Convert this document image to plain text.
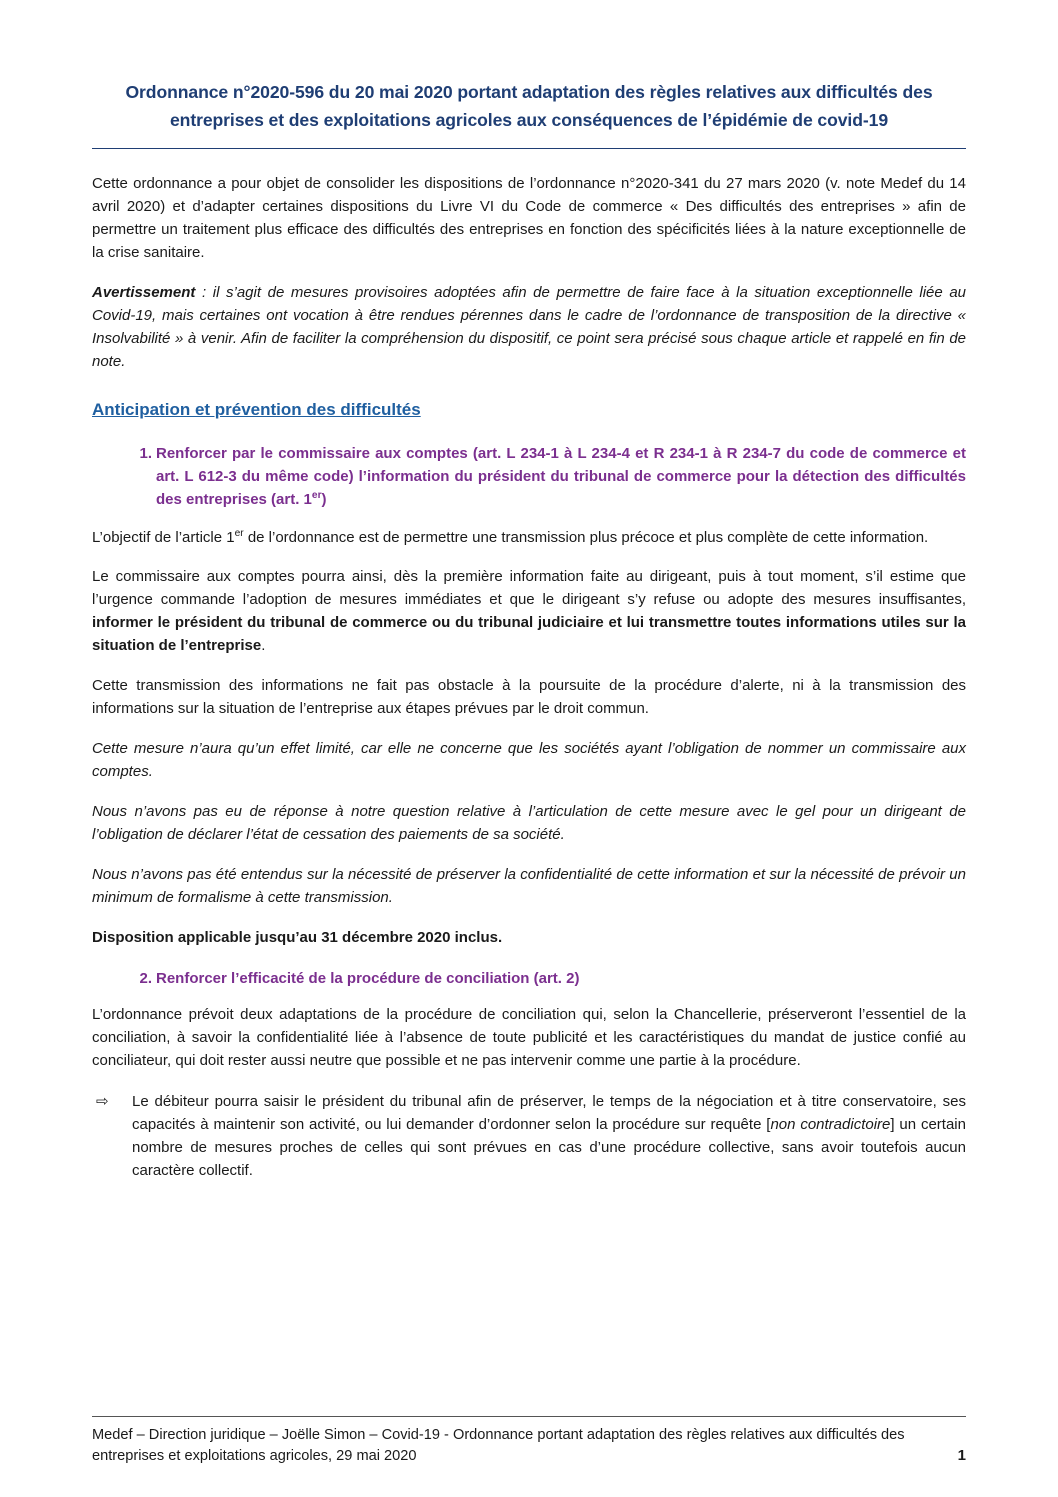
Ordonnance n°2020-596 du 20 mai 2020 portant adaptation des règles relatives aux difficultés des entreprises et des exploitations agricoles aux conséquences de l’épidémie de covid-19

Cette ordonnance a pour objet de consolider les dispositions de l’ordonnance n°2020-341 du 27 mars 2020 (v. note Medef du 14 avril 2020) et d’adapter certaines dispositions du Livre VI du Code de commerce « Des difficultés des entreprises » afin de permettre un traitement plus efficace des difficultés des entreprises en fonction des spécificités liées à la nature exceptionnelle de la crise sanitaire.

Avertissement : il s’agit de mesures provisoires adoptées afin de permettre de faire face à la situation exceptionnelle liée au Covid-19, mais certaines ont vocation à être rendues pérennes dans le cadre de l’ordonnance de transposition de la directive « Insolvabilité » à venir. Afin de faciliter la compréhension du dispositif, ce point sera précisé sous chaque article et rappelé en fin de note.

Anticipation et prévention des difficultés
1. Renforcer par le commissaire aux comptes (art. L 234-1 à L 234-4 et R 234-1 à R 234-7 du code de commerce et art. L 612-3 du même code) l’information du président du tribunal de commerce pour la détection des difficultés des entreprises (art. 1er)

L’objectif de l’article 1er de l’ordonnance est de permettre une transmission plus précoce et plus complète de cette information.

Le commissaire aux comptes pourra ainsi, dès la première information faite au dirigeant, puis à tout moment, s’il estime que l’urgence commande l’adoption de mesures immédiates et que le dirigeant s’y refuse ou adopte des mesures insuffisantes, informer le président du tribunal de commerce ou du tribunal judiciaire et lui transmettre toutes informations utiles sur la situation de l’entreprise.

Cette transmission des informations ne fait pas obstacle à la poursuite de la procédure d’alerte, ni à la transmission des informations sur la situation de l’entreprise aux étapes prévues par le droit commun.

Cette mesure n’aura qu’un effet limité, car elle ne concerne que les sociétés ayant l’obligation de nommer un commissaire aux comptes.

Nous n’avons pas eu de réponse à notre question relative à l’articulation de cette mesure avec le gel pour un dirigeant de l’obligation de déclarer l’état de cessation des paiements de sa société.

Nous n’avons pas été entendus sur la nécessité de préserver la confidentialité de cette information et sur la nécessité de prévoir un minimum de formalisme à cette transmission.

Disposition applicable jusqu’au 31 décembre 2020 inclus.

2. Renforcer l’efficacité de la procédure de conciliation (art. 2)

L’ordonnance prévoit deux adaptations de la procédure de conciliation qui, selon la Chancellerie, préserveront l’essentiel de la conciliation, à savoir la confidentialité liée à l’absence de toute publicité et les caractéristiques du mandat de justice confié au conciliateur, qui doit rester aussi neutre que possible et ne pas intervenir comme une partie à la procédure.

⇨ Le débiteur pourra saisir le président du tribunal afin de préserver, le temps de la négociation et à titre conservatoire, ses capacités à maintenir son activité, ou lui demander d’ordonner selon la procédure sur requête [non contradictoire] un certain nombre de mesures proches de celles qui sont prévues en cas d’une procédure collective, sans avoir toutefois aucun caractère collectif.
Medef – Direction juridique – Joëlle Simon – Covid-19 - Ordonnance portant adaptation des règles relatives aux difficultés des entreprises et exploitations agricoles, 29 mai 2020	1
